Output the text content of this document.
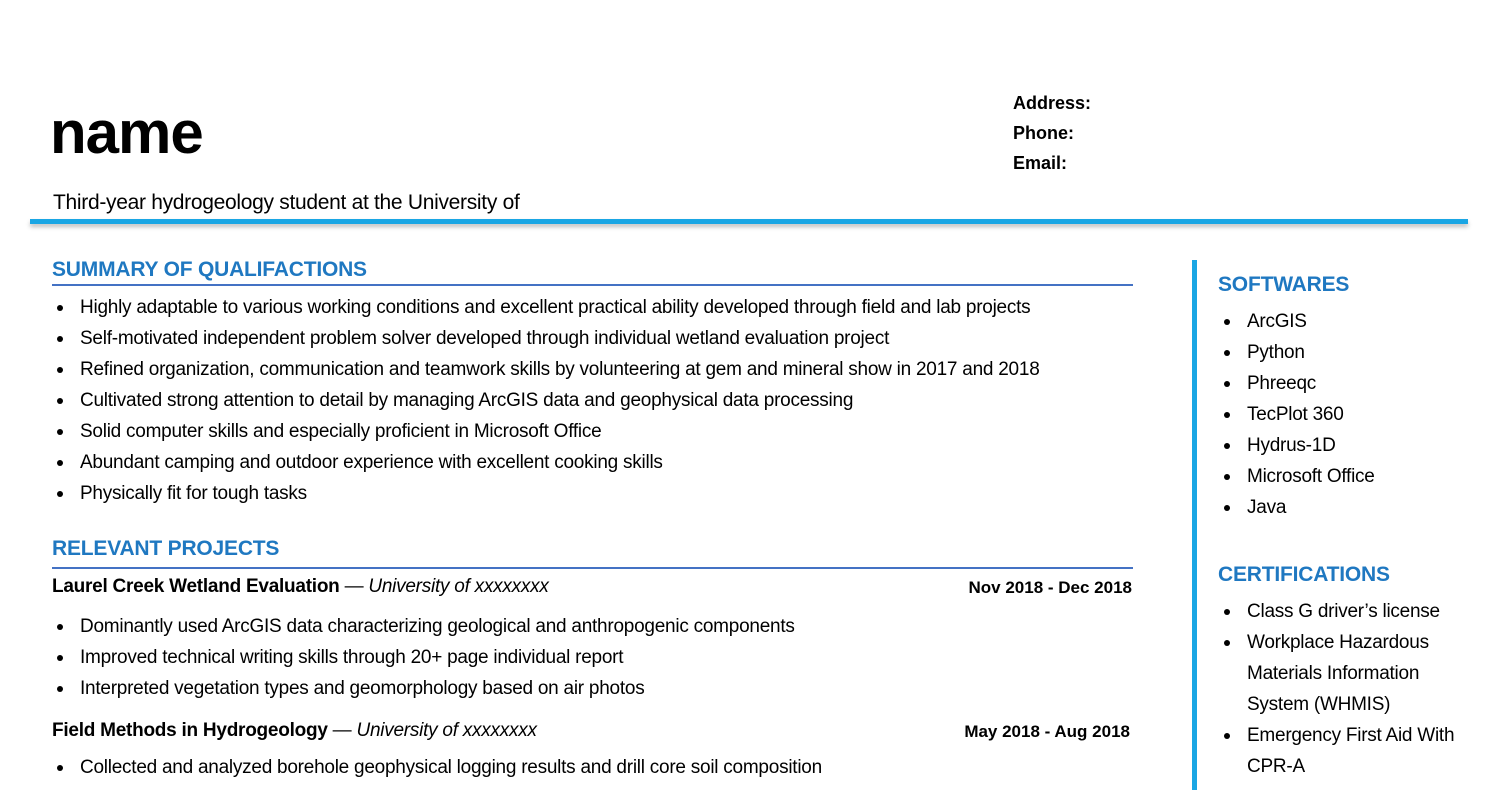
name	Address:
Phone:
Email:
Third-year hydrogeology student at the University of
SUMMARY OF QUALIFACTIONS
Highly adaptable to various working conditions and excellent practical ability developed through field and lab projects
Self-motivated independent problem solver developed through individual wetland evaluation project
Refined organization, communication and teamwork skills by volunteering at gem and mineral show in 2017 and 2018
Cultivated strong attention to detail by managing ArcGIS data and geophysical data processing
Solid computer skills and especially proficient in Microsoft Office
Abundant camping and outdoor experience with excellent cooking skills
Physically fit for tough tasks
RELEVANT PROJECTS
Laurel Creek Wetland Evaluation — University of xxxxxxxx	Nov 2018 - Dec 2018
Dominantly used ArcGIS data characterizing geological and anthropogenic components
Improved technical writing skills through 20+ page individual report
Interpreted vegetation types and geomorphology based on air photos
Field Methods in Hydrogeology — University of xxxxxxxx	May 2018 - Aug 2018
Collected and analyzed borehole geophysical logging results and drill core soil composition
SOFTWARES
ArcGIS
Python
Phreeqc
TecPlot 360
Hydrus-1D
Microsoft Office
Java
CERTIFICATIONS
Class G driver’s license
Workplace Hazardous Materials Information System (WHMIS)
Emergency First Aid With CPR-A
